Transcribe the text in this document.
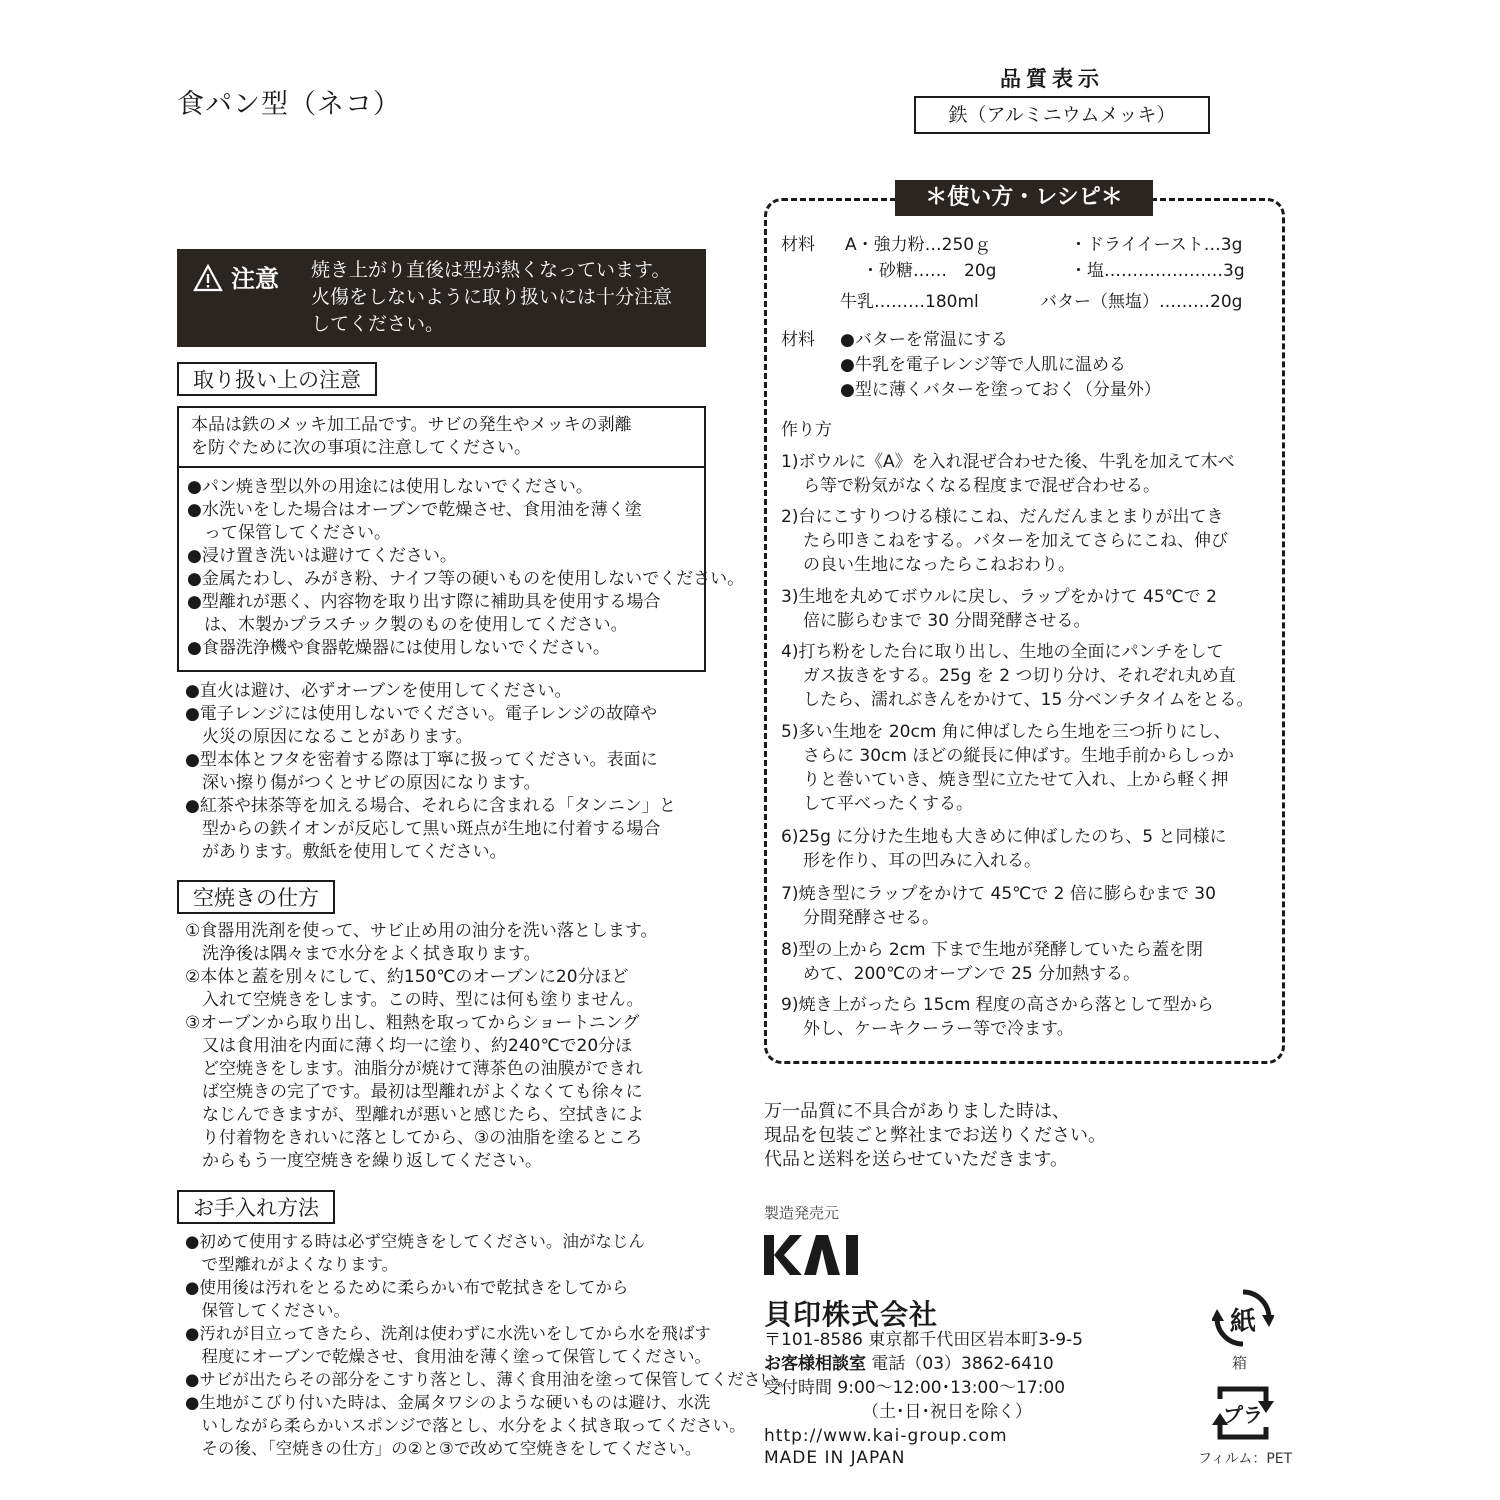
食パン型（ネコ）
注意 焼き上がり直後は型が熱くなっています。
火傷をしないように取り扱いには十分注意
してください。
取り扱い上の注意
本品は鉄のメッキ加工品です。サビの発生やメッキの剥離
を防ぐために次の事項に注意してください。
●パン焼き型以外の用途には使用しないでください。
●水洗いをした場合はオーブンで乾燥させ、食用油を薄く塗
　って保管してください。
●浸け置き洗いは避けてください。
●金属たわし、みがき粉、ナイフ等の硬いものを使用しないでください。
●型離れが悪く、内容物を取り出す際に補助具を使用する場合
　は、木製かプラスチック製のものを使用してください。
●食器洗浄機や食器乾燥器には使用しないでください。
●直火は避け、必ずオーブンを使用してください。
●電子レンジには使用しないでください。電子レンジの故障や
　火災の原因になることがあります。
●型本体とフタを密着する際は丁寧に扱ってください。表面に
　深い擦り傷がつくとサビの原因になります。
●紅茶や抹茶等を加える場合、それらに含まれる「タンニン」と
　型からの鉄イオンが反応して黒い斑点が生地に付着する場合
　があります。敷紙を使用してください。
空焼きの仕方
①食器用洗剤を使って、サビ止め用の油分を洗い落とします。
　洗浄後は隅々まで水分をよく拭き取ります。
②本体と蓋を別々にして、約150℃のオーブンに20分ほど
　入れて空焼きをします。この時、型には何も塗りません。
③オーブンから取り出し、粗熱を取ってからショートニング
　又は食用油を内面に薄く均一に塗り、約240℃で20分ほ
　ど空焼きをします。油脂分が焼けて薄茶色の油膜ができれ
　ば空焼きの完了です。最初は型離れがよくなくても徐々に
　なじんできますが、型離れが悪いと感じたら、空拭きによ
　り付着物をきれいに落としてから、③の油脂を塗るところ
　からもう一度空焼きを繰り返してください。
お手入れ方法
●初めて使用する時は必ず空焼きをしてください。油がなじん
　で型離れがよくなります。
●使用後は汚れをとるために柔らかい布で乾拭きをしてから
　保管してください。
●汚れが目立ってきたら、洗剤は使わずに水洗いをしてから水を飛ばす
　程度にオーブンで乾燥させ、食用油を薄く塗って保管してください。
●サビが出たらその部分をこすり落とし、薄く食用油を塗って保管してください。
●生地がこびり付いた時は、金属タワシのような硬いものは避け、水洗
　いしながら柔らかいスポンジで落とし、水分をよく拭き取ってください。
　その後、「空焼きの仕方」の②と③で改めて空焼きをしてください。
品質表示
鉄（アルミニウムメッキ）
＊使い方・レシピ＊
材料 A・強力粉…250ｇ	・ドライイースト…3g
・砂糖……　20g	・塩…………………3g
牛乳………180ml	バター（無塩）………20g
材料 ●バターを常温にする
●牛乳を電子レンジ等で人肌に温める
●型に薄くバターを塗っておく（分量外）
作り方
1)ボウルに《A》を入れ混ぜ合わせた後、牛乳を加えて木べ
ら等で粉気がなくなる程度まで混ぜ合わせる。
2)台にこすりつける様にこね、だんだんまとまりが出てき
たら叩きこねをする。バターを加えてさらにこね、伸び
の良い生地になったらこねおわり。
3)生地を丸めてボウルに戻し、ラップをかけて 45℃で 2
倍に膨らむまで 30 分間発酵させる。
4)打ち粉をした台に取り出し、生地の全面にパンチをして
ガス抜きをする。25g を 2 つ切り分け、それぞれ丸め直
したら、濡れぶきんをかけて、15 分ベンチタイムをとる。
5)多い生地を 20cm 角に伸ばしたら生地を三つ折りにし、
さらに 30cm ほどの縦長に伸ばす。生地手前からしっか
りと巻いていき、焼き型に立たせて入れ、上から軽く押
して平べったくする。
6)25g に分けた生地も大きめに伸ばしたのち、5 と同様に
形を作り、耳の凹みに入れる。
7)焼き型にラップをかけて 45℃で 2 倍に膨らむまで 30
分間発酵させる。
8)型の上から 2cm 下まで生地が発酵していたら蓋を閉
めて、200℃のオーブンで 25 分加熱する。
9)焼き上がったら 15cm 程度の高さから落として型から
外し、ケーキクーラー等で冷ます。
万一品質に不具合がありました時は、
現品を包装ごと弊社までお送りください。
代品と送料を送らせていただきます。
製造発売元
貝印株式会社
〒101-8586 東京都千代田区岩本町3-9-5
お客様相談室 電話（03）3862-6410
受付時間 9:00〜12:00･13:00〜17:00
（土･日･祝日を除く）
http://www.kai-group.com
MADE IN JAPAN
紙
箱
プラ
フィルム：PET
